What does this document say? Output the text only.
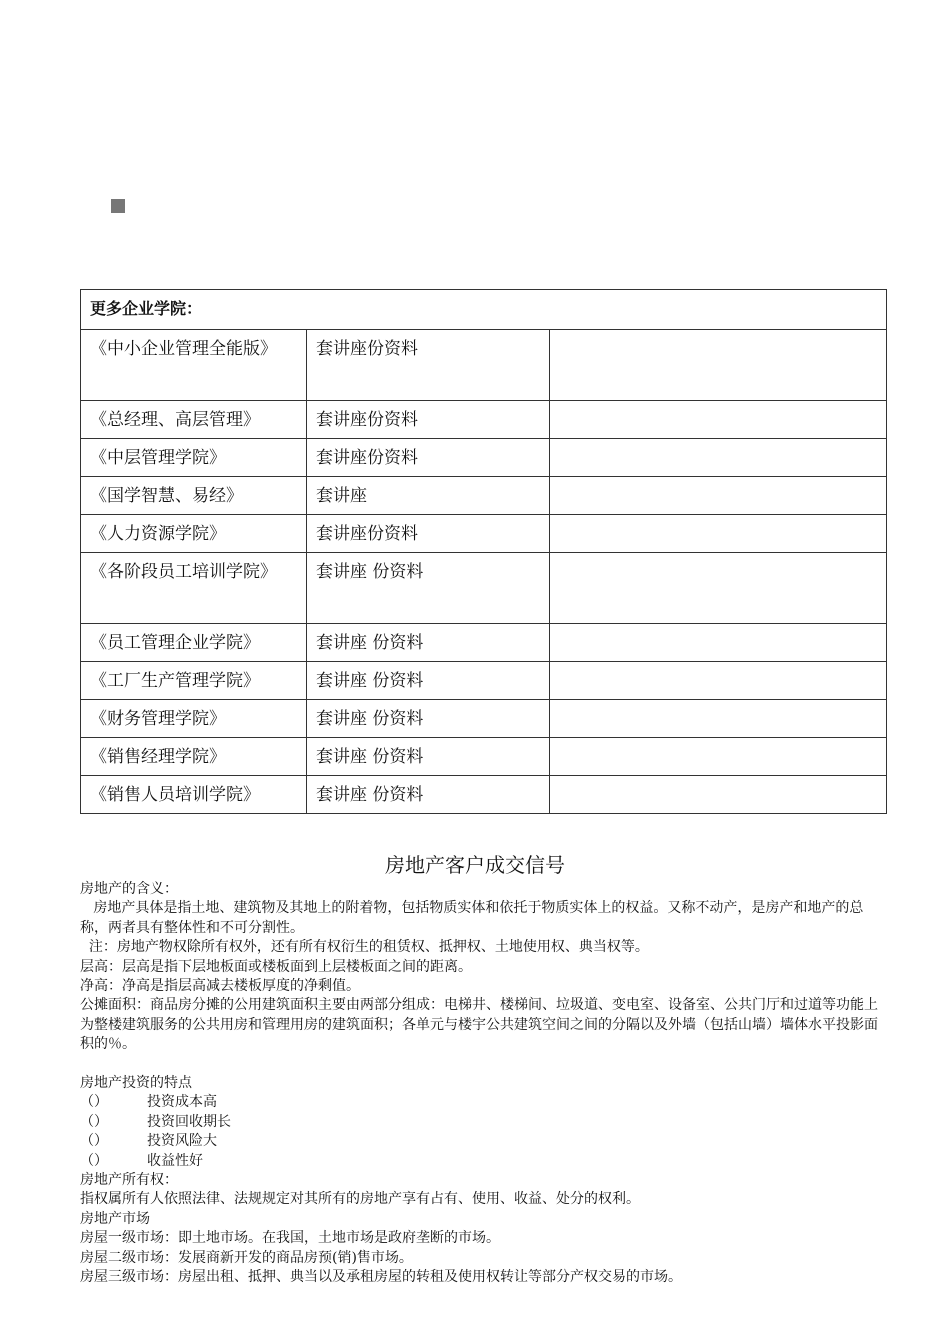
更多企业学院：		
《中小企业管理全能版》	套讲座份资料	
《总经理、高层管理》	套讲座份资料	
《中层管理学院》	套讲座份资料	
《国学智慧、易经》	套讲座	
《人力资源学院》	套讲座份资料	
《各阶段员工培训学院》	套讲座 份资料	
《员工管理企业学院》	套讲座 份资料	
《工厂生产管理学院》	套讲座 份资料	
《财务管理学院》	套讲座 份资料	
《销售经理学院》	套讲座 份资料	
《销售人员培训学院》	套讲座 份资料	
房地产客户成交信号

房地产的含义：

房地产具体是指土地、建筑物及其地上的附着物，包括物质实体和依托于物质实体上的权益。又称不动产，是房产和地产的总称，两者具有整体性和不可分割性。

注：房地产物权除所有权外，还有所有权衍生的租赁权、抵押权、土地使用权、典当权等。

层高：层高是指下层地板面或楼板面到上层楼板面之间的距离。

净高：净高是指层高减去楼板厚度的净剩值。

公摊面积：商品房分摊的公用建筑面积主要由两部分组成：电梯井、楼梯间、垃圾道、变电室、设备室、公共门厅和过道等功能上为整楼建筑服务的公共用房和管理用房的建筑面积；各单元与楼宇公共建筑空间之间的分隔以及外墙（包括山墙）墙体水平投影面积的％。

房地产投资的特点

（）	投资成本高
（）	投资回收期长
（）	投资风险大
（）	收益性好

房地产所有权：

指权属所有人依照法律、法规规定对其所有的房地产享有占有、使用、收益、处分的权利。

房地产市场

房屋一级市场：即土地市场。在我国，土地市场是政府垄断的市场。

房屋二级市场：发展商新开发的商品房预(销)售市场。

房屋三级市场：房屋出租、抵押、典当以及承租房屋的转租及使用权转让等部分产权交易的市场。
